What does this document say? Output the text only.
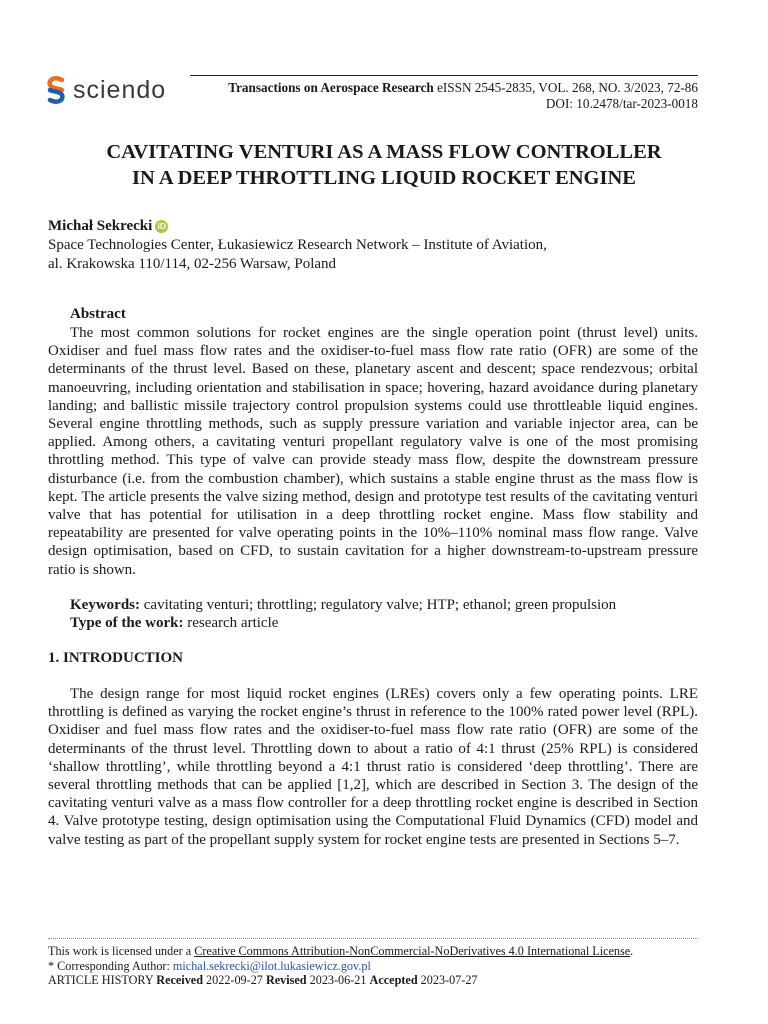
sciendo	Transactions on Aerospace Research eISSN 2545-2835, VOL. 268, NO. 3/2023, 72-86
DOI: 10.2478/tar-2023-0018
CAVITATING VENTURI AS A MASS FLOW CONTROLLER
IN A DEEP THROTTLING LIQUID ROCKET ENGINE
Michał Sekrecki iD
Space Technologies Center, Łukasiewicz Research Network – Institute of Aviation,
al. Krakowska 110/114, 02-256 Warsaw, Poland
Abstract
The most common solutions for rocket engines are the single operation point (thrust level) units. Oxidiser and fuel mass flow rates and the oxidiser-to-fuel mass flow rate ratio (OFR) are some of the determinants of the thrust level. Based on these, planetary ascent and descent; space rendezvous; orbital manoeuvring, including orientation and stabilisation in space; hovering, hazard avoidance during planetary landing; and ballistic missile trajectory control propulsion systems could use throttleable liquid engines. Several engine throttling methods, such as supply pressure variation and variable injector area, can be applied. Among others, a cavitating venturi propellant regulatory valve is one of the most promising throttling method. This type of valve can provide steady mass flow, despite the downstream pressure disturbance (i.e. from the combustion chamber), which sustains a stable engine thrust as the mass flow is kept. The article presents the valve sizing method, design and prototype test results of the cavitating venturi valve that has potential for utilisation in a deep throttling rocket engine. Mass flow stability and repeatability are presented for valve operating points in the 10%–110% nominal mass flow range. Valve design optimisation, based on CFD, to sustain cavitation for a higher downstream-to-upstream pressure ratio is shown.
Keywords: cavitating venturi; throttling; regulatory valve; HTP; ethanol; green propulsion
Type of the work: research article
1. INTRODUCTION
The design range for most liquid rocket engines (LREs) covers only a few operating points. LRE throttling is defined as varying the rocket engine’s thrust in reference to the 100% rated power level (RPL). Oxidiser and fuel mass flow rates and the oxidiser-to-fuel mass flow rate ratio (OFR) are some of the determinants of the thrust level. Throttling down to about a ratio of 4:1 thrust (25% RPL) is considered ‘shallow throttling’, while throttling beyond a 4:1 thrust ratio is considered ‘deep throttling’. There are several throttling methods that can be applied [1,2], which are described in Section 3. The design of the cavitating venturi valve as a mass flow controller for a deep throttling rocket engine is described in Section 4. Valve prototype testing, design optimisation using the Computational Fluid Dynamics (CFD) model and valve testing as part of the propellant supply system for rocket engine tests are presented in Sections 5–7.
This work is licensed under a Creative Commons Attribution-NonCommercial-NoDerivatives 4.0 International License.
* Corresponding Author: michal.sekrecki@ilot.lukasiewicz.gov.pl
ARTICLE HISTORY Received 2022-09-27 Revised 2023-06-21 Accepted 2023-07-27
